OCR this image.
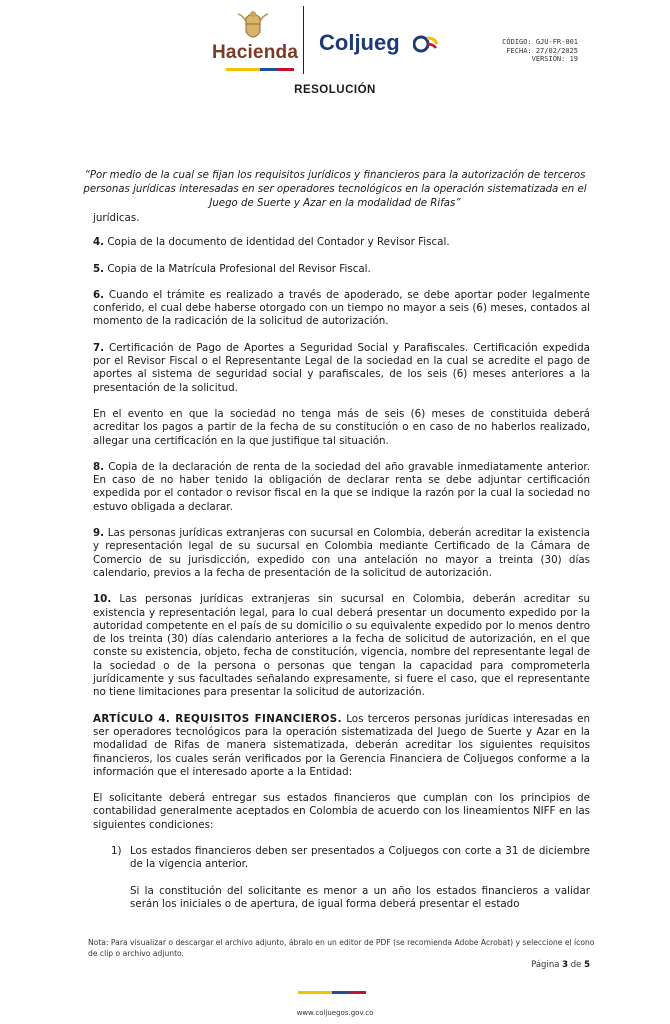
Hacienda Coljueg	CÓDIGO: GJU-FR-001
FECHA: 27/02/2025
VERSIÓN: 19
RESOLUCIÓN
“Por medio de la cual se fijan los requisitos jurídicos y financieros para la autorización de terceros personas jurídicas interesadas en ser operadores tecnológicos en la operación sistematizada en el Juego de Suerte y Azar en la modalidad de Rifas”

jurídicas.

4. Copia de la documento de identidad del Contador y Revisor Fiscal.

5. Copia de la Matrícula Profesional del Revisor Fiscal.

6. Cuando el trámite es realizado a través de apoderado, se debe aportar poder legalmente conferido, el cual debe haberse otorgado con un tiempo no mayor a seis (6) meses, contados al momento de la radicación de la solicitud de autorización.

7. Certificación de Pago de Aportes a Seguridad Social y Parafiscales. Certificación expedida por el Revisor Fiscal o el Representante Legal de la sociedad en la cual se acredite el pago de aportes al sistema de seguridad social y parafiscales, de los seis (6) meses anteriores a la presentación de la solicitud.

En el evento en que la sociedad no tenga más de seis (6) meses de constituida deberá acreditar los pagos a partir de la fecha de su constitución o en caso de no haberlos realizado, allegar una certificación en la que justifique tal situación.

8. Copia de la declaración de renta de la sociedad del año gravable inmediatamente anterior. En caso de no haber tenido la obligación de declarar renta se debe adjuntar certificación expedida por el contador o revisor fiscal en la que se indique la razón por la cual la sociedad no estuvo obligada a declarar.

9. Las personas jurídicas extranjeras con sucursal en Colombia, deberán acreditar la existencia y representación legal de su sucursal en Colombia mediante Certificado de la Cámara de Comercio de su jurisdicción, expedido con una antelación no mayor a treinta (30) días calendario, previos a la fecha de presentación de la solicitud de autorización.

10. Las personas jurídicas extranjeras sin sucursal en Colombia, deberán acreditar su existencia y representación legal, para lo cual deberá presentar un documento expedido por la autoridad competente en el país de su domicilio o su equivalente expedido por lo menos dentro de los treinta (30) días calendario anteriores a la fecha de solicitud de autorización, en el que conste su existencia, objeto, fecha de constitución, vigencia, nombre del representante legal de la sociedad o de la persona o personas que tengan la capacidad para comprometerla jurídicamente y sus facultades señalando expresamente, si fuere el caso, que el representante no tiene limitaciones para presentar la solicitud de autorización.

ARTÍCULO 4. REQUISITOS FINANCIEROS. Los terceros personas jurídicas interesadas en ser operadores tecnológicos para la operación sistematizada del Juego de Suerte y Azar en la modalidad de Rifas de manera sistematizada, deberán acreditar los siguientes requisitos financieros, los cuales serán verificados por la Gerencia Financiera de Coljuegos conforme a la información que el interesado aporte a la Entidad:

El solicitante deberá entregar sus estados financieros que cumplan con los principios de contabilidad generalmente aceptados en Colombia de acuerdo con los lineamientos NIFF en las siguientes condiciones:

1) Los estados financieros deben ser presentados a Coljuegos con corte a 31 de diciembre de la vigencia anterior.

Si la constitución del solicitante es menor a un año los estados financieros a validar serán los iniciales o de apertura, de igual forma deberá presentar el estado

Nota: Para visualizar o descargar el archivo adjunto, ábralo en un editor de PDF (se recomienda Adobe Acrobat) y seleccione el ícono de clip o archivo adjunto.
Página 3 de 5
www.coljuegos.gov.co
